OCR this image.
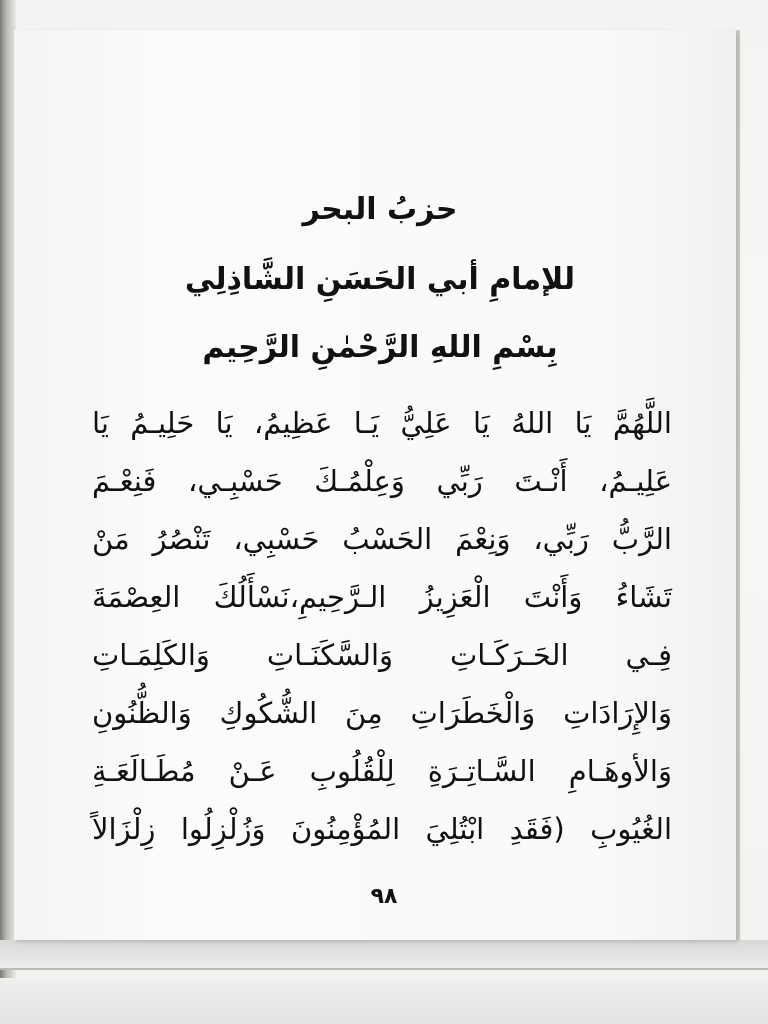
حزبُ البحر
للإمامِ أبي الحَسَنِ الشَّاذِلِي
بِسْمِ اللهِ الرَّحْمٰنِ الرَّحِيم
اللَّهُمَّ يَا اللهُ يَا عَلِيُّ يَـا عَظِيمُ، يَا حَلِيـمُ يَا
عَلِيـمُ، أَنْـتَ رَبِّي وَعِلْمُـكَ حَسْبِـي، فَنِعْـمَ
الرَّبُّ رَبِّي، وَنِعْمَ الحَسْبُ حَسْبِي، تَنْصُرُ مَنْ
تَشَاءُ وَأَنْتَ الْعَزِيزُ الـرَّحِيمِ،نَسْأَلُكَ العِصْمَةَ
فِـي الحَـرَكَـاتِ وَالسَّكَنَـاتِ وَالكَلِمَـاتِ
وَالإِرَادَاتِ وَالْخَطَرَاتِ مِنَ الشُّكُوكِ وَالظُّنُونِ
وَالأوهَـامِ السَّـاتِـرَةِ لِلْقُلُوبِ عَـنْ مُطَـالَعَـةِ
الغُيُوبِ (فَقَدِ ابْتُلِيَ المُؤْمِنُونَ وَزُلْزِلُوا زِلْزَالاً
٩٨
